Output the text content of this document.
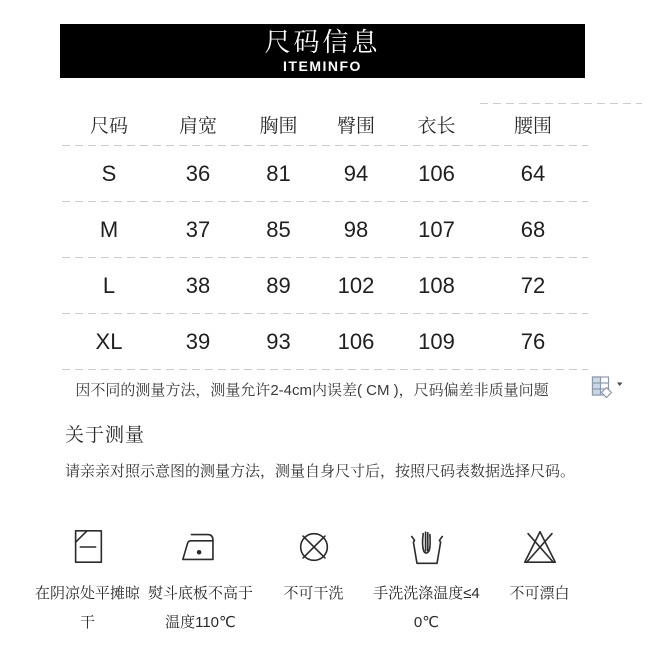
尺码信息
ITEMINFO
尺码	肩宽	胸围	臀围	衣长	腰围
S	36	81	94	106	64
M	37	85	98	107	68
L	38	89	102	108	72
XL	39	93	106	109	76
因不同的测量方法，测量允许2-4cm内误差( CM )，尺码偏差非质量问题
关于测量
请亲亲对照示意图的测量方法，测量自身尺寸后，按照尺码表数据选择尺码。
在阴凉处平摊晾干
熨斗底板不高于温度110℃
不可干洗	手洗洗涤温度≤40℃
不可漂白
